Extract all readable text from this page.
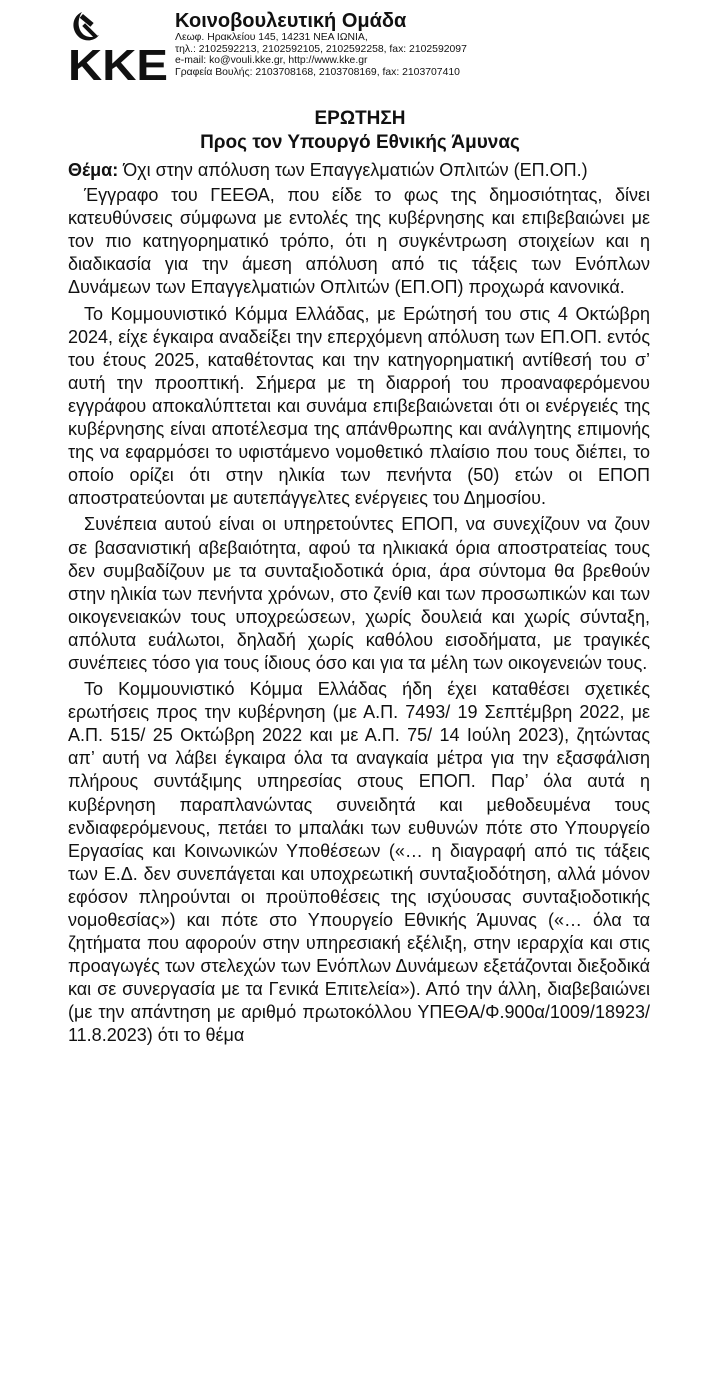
ΚΚΕ
Κοινοβουλευτική Ομάδα
Λεωφ. Ηρακλείου 145, 14231 ΝΕΑ ΙΩΝΙΑ,
τηλ.: 2102592213, 2102592105, 2102592258, fax: 2102592097
e-mail: ko@vouli.kke.gr, http://www.kke.gr
Γραφεία Βουλής: 2103708168, 2103708169, fax: 2103707410
ΕΡΩΤΗΣΗ
Προς τον Υπουργό Εθνικής Άμυνας

Θέμα: Όχι στην απόλυση των Επαγγελματιών Οπλιτών (ΕΠ.ΟΠ.)

Έγγραφο του ΓΕΕΘΑ, που είδε το φως της δημοσιότητας, δίνει κατευθύνσεις σύμφωνα με εντολές της κυβέρνησης και επιβεβαιώνει με τον πιο κατηγορηματικό τρόπο, ότι η συγκέντρωση στοιχείων και η διαδικασία για την άμεση απόλυση από τις τάξεις των Ενόπλων Δυνάμεων των Επαγγελματιών Οπλιτών (ΕΠ.ΟΠ) προχωρά κανονικά.

Το Κομμουνιστικό Κόμμα Ελλάδας, με Ερώτησή του στις 4 Οκτώβρη 2024, είχε έγκαιρα αναδείξει την επερχόμενη απόλυση των ΕΠ.ΟΠ. εντός του έτους 2025, καταθέτοντας και την κατηγορηματική αντίθεσή του σ’ αυτή την προοπτική. Σήμερα με τη διαρροή του προαναφερόμενου εγγράφου αποκαλύπτεται και συνάμα επιβεβαιώνεται ότι οι ενέργειές της κυβέρνησης είναι αποτέλεσμα της απάνθρωπης και ανάλγητης επιμονής της να εφαρμόσει το υφιστάμενο νομοθετικό πλαίσιο που τους διέπει, το οποίο ορίζει ότι στην ηλικία των πενήντα (50) ετών οι ΕΠΟΠ αποστρατεύονται με αυτεπάγγελτες ενέργειες του Δημοσίου.

Συνέπεια αυτού είναι οι υπηρετούντες ΕΠΟΠ, να συνεχίζουν να ζουν σε βασανιστική αβεβαιότητα, αφού τα ηλικιακά όρια αποστρατείας τους δεν συμβαδίζουν με τα συνταξιοδοτικά όρια, άρα σύντομα θα βρεθούν στην ηλικία των πενήντα χρόνων, στο ζενίθ και των προσωπικών και των οικογενειακών τους υποχρεώσεων, χωρίς δουλειά και χωρίς σύνταξη, απόλυτα ευάλωτοι, δηλαδή χωρίς καθόλου εισοδήματα, με τραγικές συνέπειες τόσο για τους ίδιους όσο και για τα μέλη των οικογενειών τους.

Το Κομμουνιστικό Κόμμα Ελλάδας ήδη έχει καταθέσει σχετικές ερωτήσεις προς την κυβέρνηση (με Α.Π. 7493/ 19 Σεπτέμβρη 2022, με Α.Π. 515/ 25 Οκτώβρη 2022 και με Α.Π. 75/ 14 Ιούλη 2023), ζητώντας απ’ αυτή να λάβει έγκαιρα όλα τα αναγκαία μέτρα για την εξασφάλιση πλήρους συντάξιμης υπηρεσίας στους ΕΠΟΠ. Παρ’ όλα αυτά η κυβέρνηση παραπλανώντας συνειδητά και μεθοδευμένα τους ενδιαφερόμενους, πετάει το μπαλάκι των ευθυνών πότε στο Υπουργείο Εργασίας και Κοινωνικών Υποθέσεων («… η διαγραφή από τις τάξεις των Ε.Δ. δεν συνεπάγεται και υποχρεωτική συνταξιοδότηση, αλλά μόνον εφόσον πληρούνται οι προϋποθέσεις της ισχύουσας συνταξιοδοτικής νομοθεσίας») και πότε στο Υπουργείο Εθνικής Άμυνας («… όλα τα ζητήματα που αφορούν στην υπηρεσιακή εξέλιξη, στην ιεραρχία και στις προαγωγές των στελεχών των Ενόπλων Δυνάμεων εξετάζονται διεξοδικά και σε συνεργασία με τα Γενικά Επιτελεία»). Από την άλλη, διαβεβαιώνει (με την απάντηση με αριθμό πρωτοκόλλου ΥΠΕΘΑ/Φ.900α/1009/18923/ 11.8.2023) ότι το θέμα
